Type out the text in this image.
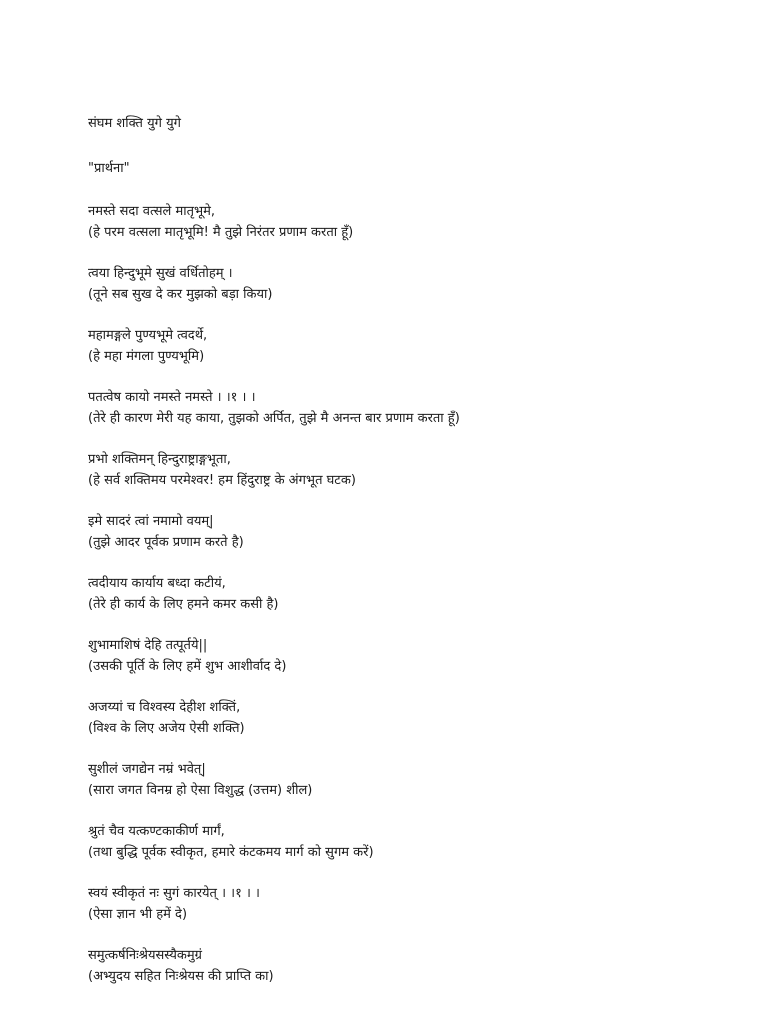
संघम शक्ति युगे युगे
"प्रार्थना"
नमस्ते सदा वत्सले मातृभूमे,
(हे परम वत्सला मातृभूमि! मै तुझे निरंतर प्रणाम करता हूँ)
त्वया हिन्दुभूमे सुखं वर्धितोहम् ।
(तूने सब सुख दे कर मुझको बड़ा किया)
महामङ्गले पुण्यभूमे त्वदर्थे,
(हे महा मंगला पुण्यभूमि)
पतत्वेष कायो नमस्ते नमस्ते । ।१ । ।
(तेरे ही कारण मेरी यह काया, तुझको अर्पित, तुझे मै अनन्त बार प्रणाम करता हूँ)
प्रभो शक्तिमन् हिन्दुराष्ट्राङ्गभूता,
(हे सर्व शक्तिमय परमेश्वर! हम हिंदुराष्ट्र के अंगभूत घटक)
इमे सादरं त्वां नमामो वयम्|
(तुझे आदर पूर्वक प्रणाम करते है)
त्वदीयाय कार्याय बध्दा कटीयं,
(तेरे ही कार्य के लिए हमने कमर कसी है)
शुभामाशिषं देहि तत्पूर्तये||
(उसकी पूर्ति के लिए हमें शुभ आशीर्वाद दे)
अजय्यां च विश्वस्य देहीश शक्तिं,
(विश्व के लिए अजेय ऐसी शक्ति)
सुशीलं जगद्येन नम्रं भवेत्|
(सारा जगत विनम्र हो ऐसा विशुद्ध (उत्तम) शील)
श्रुतं चैव यत्कण्टकाकीर्ण मार्गं,
(तथा बुद्धि पूर्वक स्वीकृत, हमारे कंटकमय मार्ग को सुगम करें)
स्वयं स्वीकृतं नः सुगं कारयेत् । ।१ । ।
(ऐसा ज्ञान भी हमें दे)
समुत्कर्षनिःश्रेयसस्यैकमुग्रं
(अभ्युदय सहित निःश्रेयस की प्राप्ति का)
